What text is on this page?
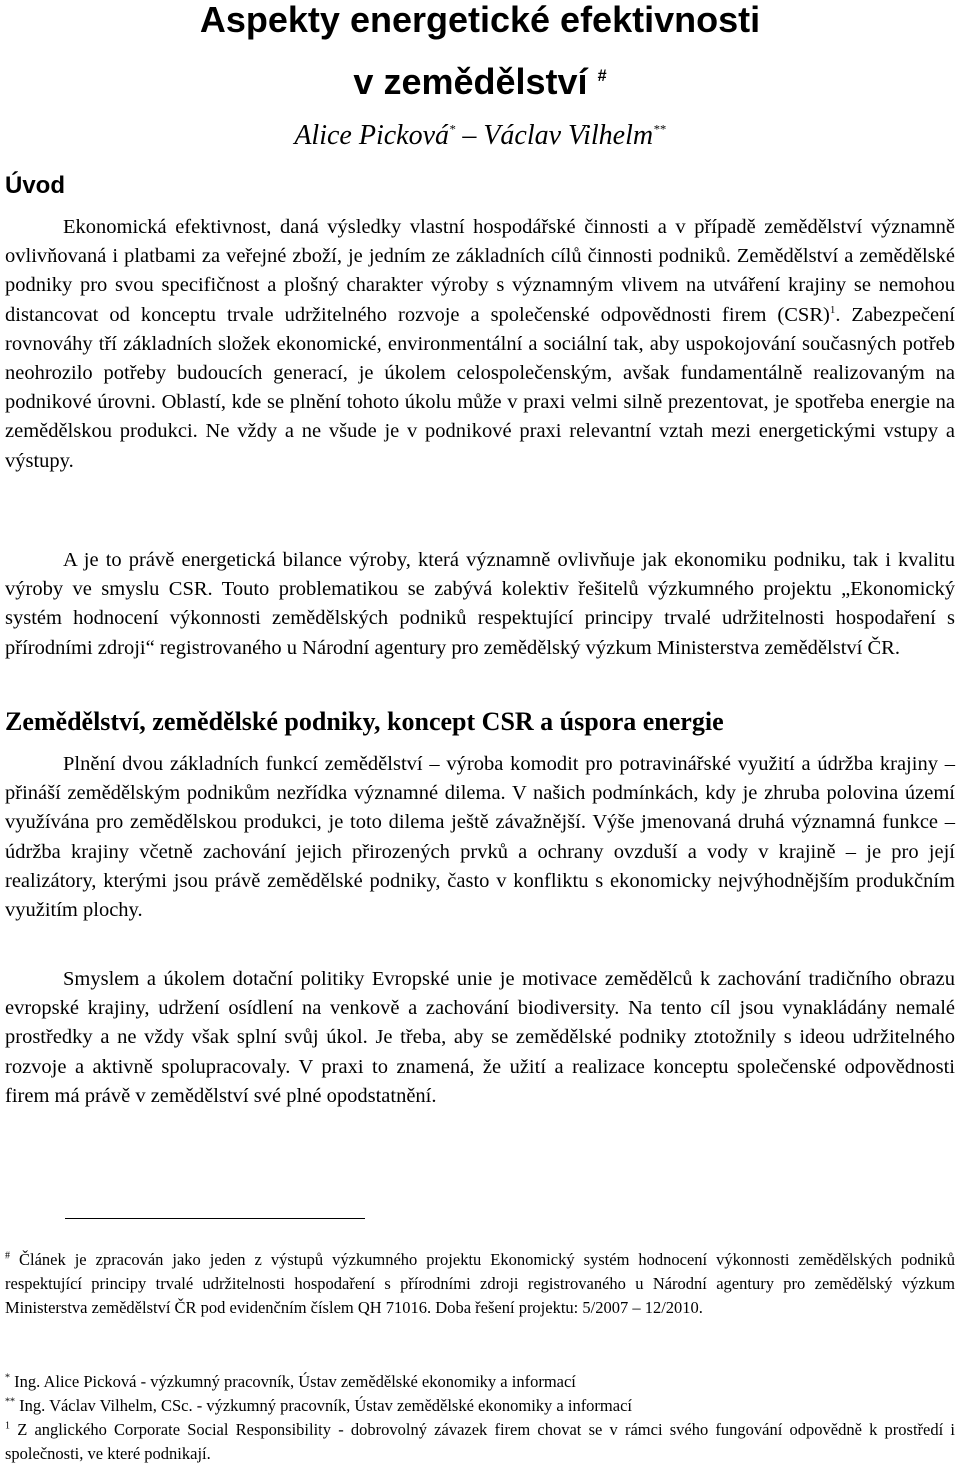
Aspekty energetické efektivnosti
v zemědělství #
Alice Picková* – Václav Vilhelm**
Úvod
Ekonomická efektivnost, daná výsledky vlastní hospodářské činnosti a v případě zemědělství významně ovlivňovaná i platbami za veřejné zboží, je jedním ze základních cílů činnosti podniků. Zemědělství a zemědělské podniky pro svou specifičnost a plošný charakter výroby s významným vlivem na utváření krajiny se nemohou distancovat od konceptu trvale udržitelného rozvoje a společenské odpovědnosti firem (CSR)$^1$. Zabezpečení rovnováhy tří základních složek ekonomické, environmentální a sociální tak, aby uspokojování současných potřeb neohrozilo potřeby budoucích generací, je úkolem celospolečenským, avšak fundamentálně realizovaným na podnikové úrovni. Oblastí, kde se plnění tohoto úkolu může v praxi velmi silně prezentovat, je spotřeba energie na zemědělskou produkci. Ne vždy a ne všude je v podnikové praxi relevantní vztah mezi energetickými vstupy a výstupy.
A je to právě energetická bilance výroby, která významně ovlivňuje jak ekonomiku podniku, tak i kvalitu výroby ve smyslu CSR. Touto problematikou se zabývá kolektiv řešitelů výzkumného projektu „Ekonomický systém hodnocení výkonnosti zemědělských podniků respektující principy trvalé udržitelnosti hospodaření s přírodními zdroji“ registrovaného u Národní agentury pro zemědělský výzkum Ministerstva zemědělství ČR.
Zemědělství, zemědělské podniky, koncept CSR a úspora energie
Plnění dvou základních funkcí zemědělství – výroba komodit pro potravinářské využití a údržba krajiny – přináší zemědělským podnikům nezřídka významné dilema. V našich podmínkách, kdy je zhruba polovina území využívána pro zemědělskou produkci, je toto dilema ještě závažnější. Výše jmenovaná druhá významná funkce – údržba krajiny včetně zachování jejich přirozených prvků a ochrany ovzduší a vody v krajině – je pro její realizátory, kterými jsou právě zemědělské podniky, často v konfliktu s ekonomicky nejvýhodnějším produkčním využitím plochy.
Smyslem a úkolem dotační politiky Evropské unie je motivace zemědělců k zachování tradičního obrazu evropské krajiny, udržení osídlení na venkově a zachování biodiversity. Na tento cíl jsou vynakládány nemalé prostředky a ne vždy však splní svůj úkol. Je třeba, aby se zemědělské podniky ztotožnily s ideou udržitelného rozvoje a aktivně spolupracovaly. V praxi to znamená, že užití a realizace konceptu společenské odpovědnosti firem má právě v zemědělství své plné opodstatnění.
# Článek je zpracován jako jeden z výstupů výzkumného projektu Ekonomický systém hodnocení výkonnosti zemědělských podniků respektující principy trvalé udržitelnosti hospodaření s přírodními zdroji registrovaného u Národní agentury pro zemědělský výzkum Ministerstva zemědělství ČR pod evidenčním číslem QH 71016. Doba řešení projektu: 5/2007 – 12/2010.
* Ing. Alice Picková - výzkumný pracovník, Ústav zemědělské ekonomiky a informací
** Ing. Václav Vilhelm, CSc. - výzkumný pracovník, Ústav zemědělské ekonomiky a informací
$^1$ Z anglického Corporate Social Responsibility - dobrovolný závazek firem chovat se v rámci svého fungování odpovědně k prostředí i společnosti, ve které podnikají.
